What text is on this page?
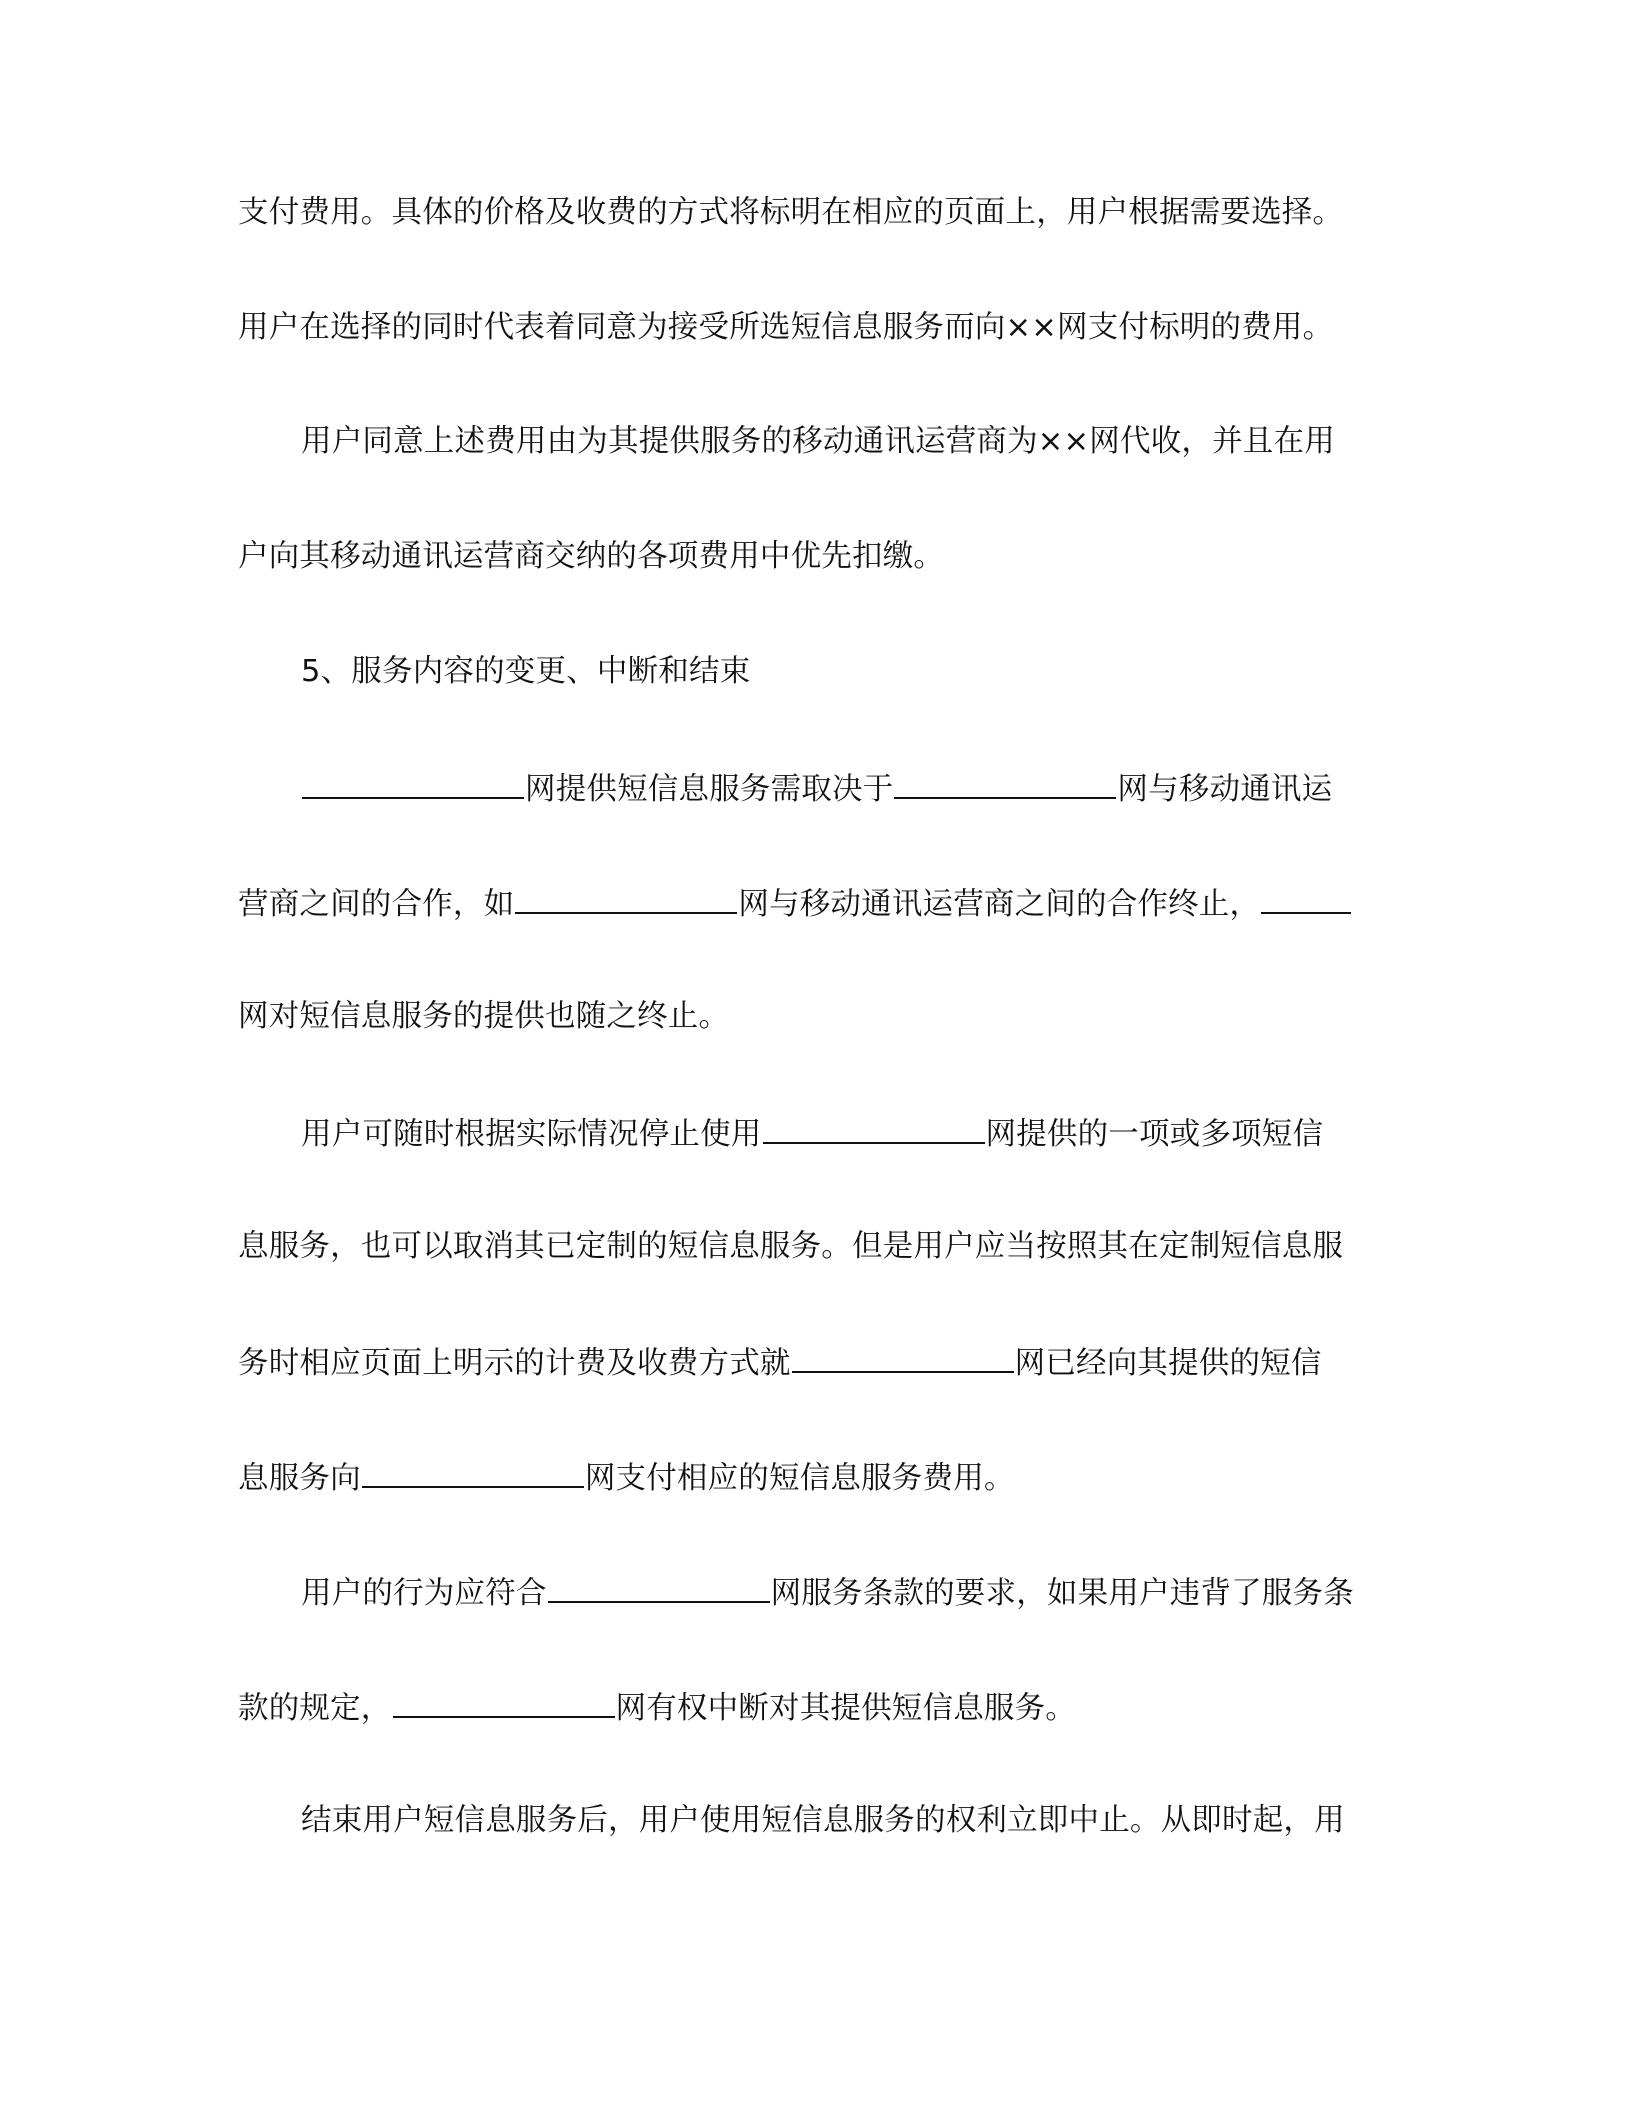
支付费用。具体的价格及收费的方式将标明在相应的页面上，用户根据需要选择。
用户在选择的同时代表着同意为接受所选短信息服务而向××网支付标明的费用。
用户同意上述费用由为其提供服务的移动通讯运营商为××网代收，并且在用
户向其移动通讯运营商交纳的各项费用中优先扣缴。
5、服务内容的变更、中断和结束
网提供短信息服务需取决于	网与移动通讯运
营商之间的合作，如	网与移动通讯运营商之间的合作终止，
网对短信息服务的提供也随之终止。
用户可随时根据实际情况停止使用	网提供的一项或多项短信
息服务，也可以取消其已定制的短信息服务。但是用户应当按照其在定制短信息服
务时相应页面上明示的计费及收费方式就	网已经向其提供的短信
息服务向	网支付相应的短信息服务费用。
用户的行为应符合	网服务条款的要求，如果用户违背了服务条
款的规定，	网有权中断对其提供短信息服务。
结束用户短信息服务后，用户使用短信息服务的权利立即中止。从即时起，用
